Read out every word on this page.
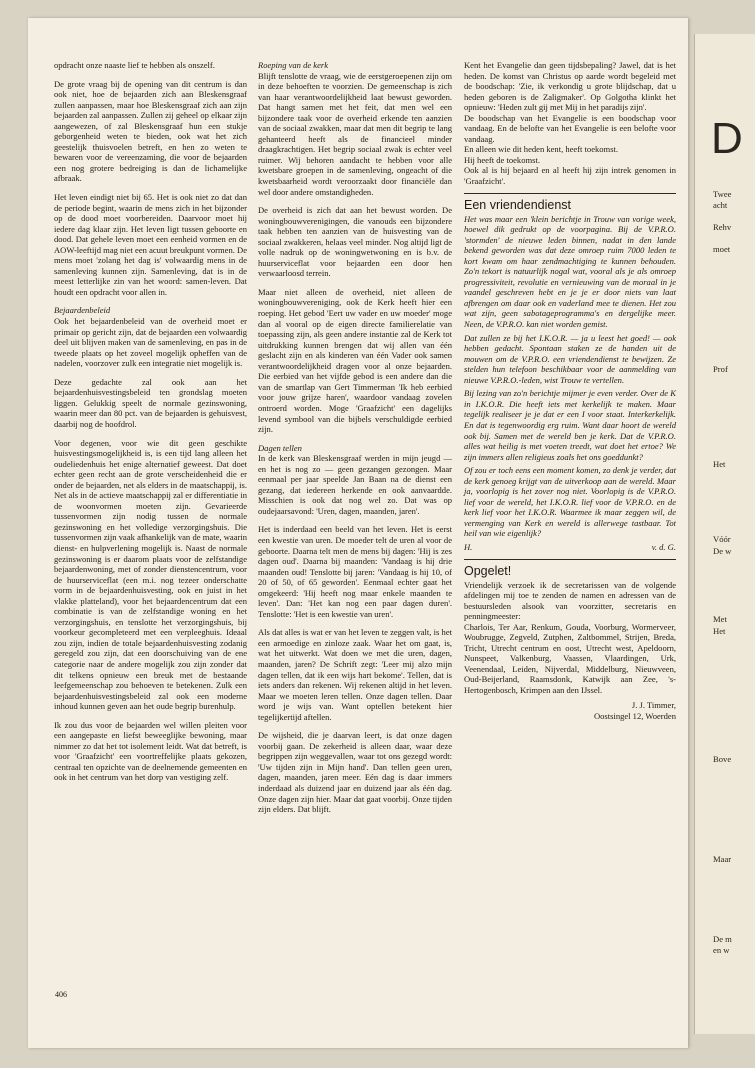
D
Twee
acht
Rehv
moet
Prof
Het
Vóór
De w
Met
Het
Bove
Maar
De m
en w

opdracht onze naaste lief te hebben als onszelf.

De grote vraag bij de opening van dit centrum is dan ook niet, hoe de bejaarden zich aan Bleskensgraaf zullen aanpassen, maar hoe Bleskensgraaf zich aan zijn bejaarden zal aanpassen. Zullen zij geheel op elkaar zijn aangewezen, of zal Bleskensgraaf hun een stukje geborgenheid weten te bieden, ook wat het zich geestelijk thuisvoelen betreft, en hen zo weten te bewaren voor de vereenzaming, die voor de bejaarden een nog grotere bedreiging is dan de lichamelijke afbraak.

Het leven eindigt niet bij 65. Het is ook niet zo dat dan de periode begint, waarin de mens zich in het bijzonder op de dood moet voorbereiden. Daarvoor moet hij iedere dag klaar zijn. Het leven ligt tussen geboorte en dood. Dat gehele leven moet een eenheid vormen en de AOW-leeftijd mag niet een acuut breukpunt vormen. De mens moet 'zolang het dag is' volwaardig mens in de samenleving kunnen zijn. Samenleving, dat is in de meest letterlijke zin van het woord: samen-leven. Dat houdt een opdracht voor allen in.

Bejaardenbeleid

Ook het bejaardenbeleid van de overheid moet er primair op gericht zijn, dat de bejaarden een volwaardig deel uit blijven maken van de samenleving, en pas in de tweede plaats op het zoveel mogelijk opheffen van de nadelen, voorzover zulk een integratie niet mogelijk is.

Deze gedachte zal ook aan het bejaardenhuisvestingsbeleid ten grondslag moeten liggen. Gelukkig speelt de normale gezinswoning, waarin meer dan 80 pct. van de bejaarden is gehuisvest, daarbij nog de hoofdrol.

Voor degenen, voor wie dit geen geschikte huisvestingsmogelijkheid is, is een tijd lang alleen het oudeliedenhuis het enige alternatief geweest. Dat doet echter geen recht aan de grote verscheidenheid die er onder de bejaarden, net als elders in de maatschappij, is. Net als in de actieve maatschappij zal er differentiatie in de woonvormen moeten zijn. Gevarieerde tussenvormen zijn nodig tussen de normale gezinswoning en het volledige verzorgingshuis. Die tussenvormen zijn vaak afhankelijk van de mate, waarin dienst- en hulpverlening mogelijk is. Naast de normale gezinswoning is er daarom plaats voor de zelfstandige bejaardenwoning, met of zonder dienstencentrum, voor de huurserviceflat (een m.i. nog tezeer onderschatte vorm in de bejaardenhuisvesting, ook en juist in het vlakke platteland), voor het bejaardencentrum dat een combinatie is van de zelfstandige woning en het verzorgingshuis, en tenslotte het verzorgingshuis, bij voorkeur gecompleteerd met een verpleeghuis. Ideaal zou zijn, indien de totale bejaardenhuisvesting zodanig geregeld zou zijn, dat een doorschuiving van de ene categorie naar de andere mogelijk zou zijn zonder dat dit telkens opnieuw een breuk met de bestaande leefgemeenschap zou behoeven te betekenen. Zulk een bejaardenhuisvestingsbeleid zal ook een moderne inhoud kunnen geven aan het oude begrip burenhulp.

Ik zou dus voor de bejaarden wel willen pleiten voor een aangepaste en liefst beweeglijke bewoning, maar nimmer zo dat het tot isolement leidt. Wat dat betreft, is voor 'Graafzicht' een voortreffelijke plaats gekozen, centraal ten opzichte van de deelnemende gemeenten en ook in het centrum van het dorp van vestiging zelf.

Roeping van de kerk

Blijft tenslotte de vraag, wie de eerstgeroepenen zijn om in deze behoeften te voorzien. De gemeenschap is zich van haar verantwoordelijkheid laat bewust geworden. Dat hangt samen met het feit, dat men wel een bijzondere taak voor de overheid erkende ten aanzien van de sociaal zwakken, maar dat men dit begrip te lang gehanteerd heeft als de financieel minder draagkrachtigen. Het begrip sociaal zwak is echter veel ruimer. Wij behoren aandacht te hebben voor alle kwetsbare groepen in de samenleving, ongeacht of die kwetsbaarheid wordt veroorzaakt door financiële dan wel door andere omstandigheden.

De overheid is zich dat aan het bewust worden. De woningbouwverenigingen, die vanouds een bijzondere taak hebben ten aanzien van de huisvesting van de sociaal zwakkeren, helaas veel minder. Nog altijd ligt de volle nadruk op de woningwetwoning en is b.v. de huurserviceflat voor bejaarden een door hen verwaarloosd terrein.

Maar niet alleen de overheid, niet alleen de woningbouwvereniging, ook de Kerk heeft hier een roeping. Het gebod 'Eert uw vader en uw moeder' moge dan al vooral op de eigen directe familierelatie van toepassing zijn, als geen andere instantie zal de Kerk tot uitdrukking kunnen brengen dat wij allen van één geslacht zijn en als kinderen van één Vader ook samen verantwoordelijkheid dragen voor al onze bejaarden. Die eerbied van het vijfde gebod is een andere dan die van de smartlap van Gert Timmerman 'Ik heb eerbied voor jouw grijze haren', waardoor vandaag zovelen ontroerd worden. Moge 'Graafzicht' een dagelijks levend symbool van die bijbels verschuldigde eerbied zijn.

Dagen tellen

In de kerk van Bleskensgraaf werden in mijn jeugd — en het is nog zo — geen gezangen gezongen. Maar eenmaal per jaar speelde Jan Baan na de dienst een gezang, dat iedereen herkende en ook aanvaardde. Misschien is ook dat nog wel zo. Dat was op oudejaarsavond: 'Uren, dagen, maanden, jaren'.

Het is inderdaad een beeld van het leven. Het is eerst een kwestie van uren. De moeder telt de uren al voor de geboorte. Daarna telt men de mens bij dagen: 'Hij is zes dagen oud'. Daarna bij maanden: 'Vandaag is hij drie maanden oud! Tenslotte bij jaren: 'Vandaag is hij 10, of 20 of 50, of 65 geworden'. Eenmaal echter gaat het omgekeerd: 'Hij heeft nog maar enkele maanden te leven'. Dan: 'Het kan nog een paar dagen duren'. Tenslotte: 'Het is een kwestie van uren'.

Als dat alles is wat er van het leven te zeggen valt, is het een armoedige en zinloze zaak. Waar het om gaat, is, wat het uitwerkt. Wat doen we met die uren, dagen, maanden, jaren? De Schrift zegt: 'Leer mij alzo mijn dagen tellen, dat ik een wijs hart bekome'. Tellen, dat is iets anders dan rekenen. Wij rekenen altijd in het leven. Maar we moeten leren tellen. Onze dagen tellen. Daar word je wijs van. Want optellen betekent hier tegelijkertijd aftellen.

De wijsheid, die je daarvan leert, is dat onze dagen voorbij gaan. De zekerheid is alleen daar, waar deze begrippen zijn weggevallen, waar tot ons gezegd wordt: 'Uw tijden zijn in Mijn hand'. Dan tellen geen uren, dagen, maanden, jaren meer. Eén dag is daar immers inderdaad als duizend jaar en duizend jaar als één dag. Onze dagen zijn hier. Maar dat gaat voorbij. Onze tijden zijn elders. Dat blijft.

Kent het Evangelie dan geen tijdsbepaling? Jawel, dat is het heden. De komst van Christus op aarde wordt begeleid met de boodschap: 'Zie, ik verkondig u grote blijdschap, dat u heden geboren is de Zaligmaker'. Op Golgotha klinkt het opnieuw: 'Heden zult gij met Mij in het paradijs zijn'.

De boodschap van het Evangelie is een boodschap voor vandaag. En de belofte van het Evangelie is een belofte voor vandaag.

En alleen wie dit heden kent, heeft toekomst.

Hij heeft de toekomst.

Ook al is hij bejaard en al heeft hij zijn intrek genomen in 'Graafzicht'.

Een vriendendienst

Het was maar een 'klein berichtje in Trouw van vorige week, hoewel dik gedrukt op de voorpagina. Bij de V.P.R.O. 'stormden' de nieuwe leden binnen, nadat in den lande bekend geworden was dat deze omroep ruim 7000 leden te kort kwam om haar zendmachtiging te kunnen behouden. Zo'n tekort is natuurlijk nogal wat, vooral als je als omroep progressiviteit, revolutie en vernieuwing van de moraal in je vaandel geschreven hebt en je je er door niets van laat afbrengen om daar ook en vaderland mee te dienen. Het zou wat zijn, geen sabotageprogramma's en dergelijke meer. Neen, de V.P.R.O. kan niet worden gemist.

Dat zullen ze bij het I.K.O.R. — ja u leest het goed! — ook hebben gedacht. Spontaan staken ze de handen uit de mouwen om de V.P.R.O. een vriendendienst te bewijzen. Ze stelden hun telefoon beschikbaar voor de aanmelding van nieuwe V.P.R.O.-leden, wist Trouw te vertellen.

Bij lezing van zo'n berichtje mijmer je even verder. Over de K in I.K.O.R. Die heeft iets met kerkelijk te maken. Maar tegelijk realiseer je je dat er een I voor staat. Interkerkelijk. En dat is tegenwoordig erg ruim. Want daar hoort de wereld ook bij. Samen met de wereld ben je kerk. Dat de V.P.R.O. alles wat heilig is met voeten treedt, wat doet het ertoe? We zijn immers allen religieus zoals het ons goeddunkt?

Of zou er toch eens een moment komen, zo denk je verder, dat de kerk genoeg krijgt van de uitverkoop aan de wereld. Maar ja, voorlopig is het zover nog niet. Voorlopig is de V.P.R.O. lief voor de wereld, het I.K.O.R. lief voor de V.P.R.O. en de kerk lief voor het I.K.O.R. Waarmee ik maar zeggen wil, de vermenging van Kerk en wereld is allerwege tastbaar. Tot heil van wie eigenlijk?

H.	v. d. G.
Opgelet!

Vriendelijk verzoek ik de secretarissen van de volgende afdelingen mij toe te zenden de namen en adressen van de bestuursleden alsook van voorzitter, secretaris en penningmeester:

Charlois, Ter Aar, Renkum, Gouda, Voorburg, Wormerveer, Woubrugge, Zegveld, Zutphen, Zaltbommel, Strijen, Breda, Tricht, Utrecht centrum en oost, Utrecht west, Apeldoorn, Nunspeet, Valkenburg, Vaassen, Vlaardingen, Urk, Veenendaal, Leiden, Nijverdal, Middelburg, Nieuwveen, Oud-Beijerland, Raamsdonk, Katwijk aan Zee, 's-Hertogenbosch, Krimpen aan den IJssel.

J. J. Timmer,
Oostsingel 12, Woerden
406
